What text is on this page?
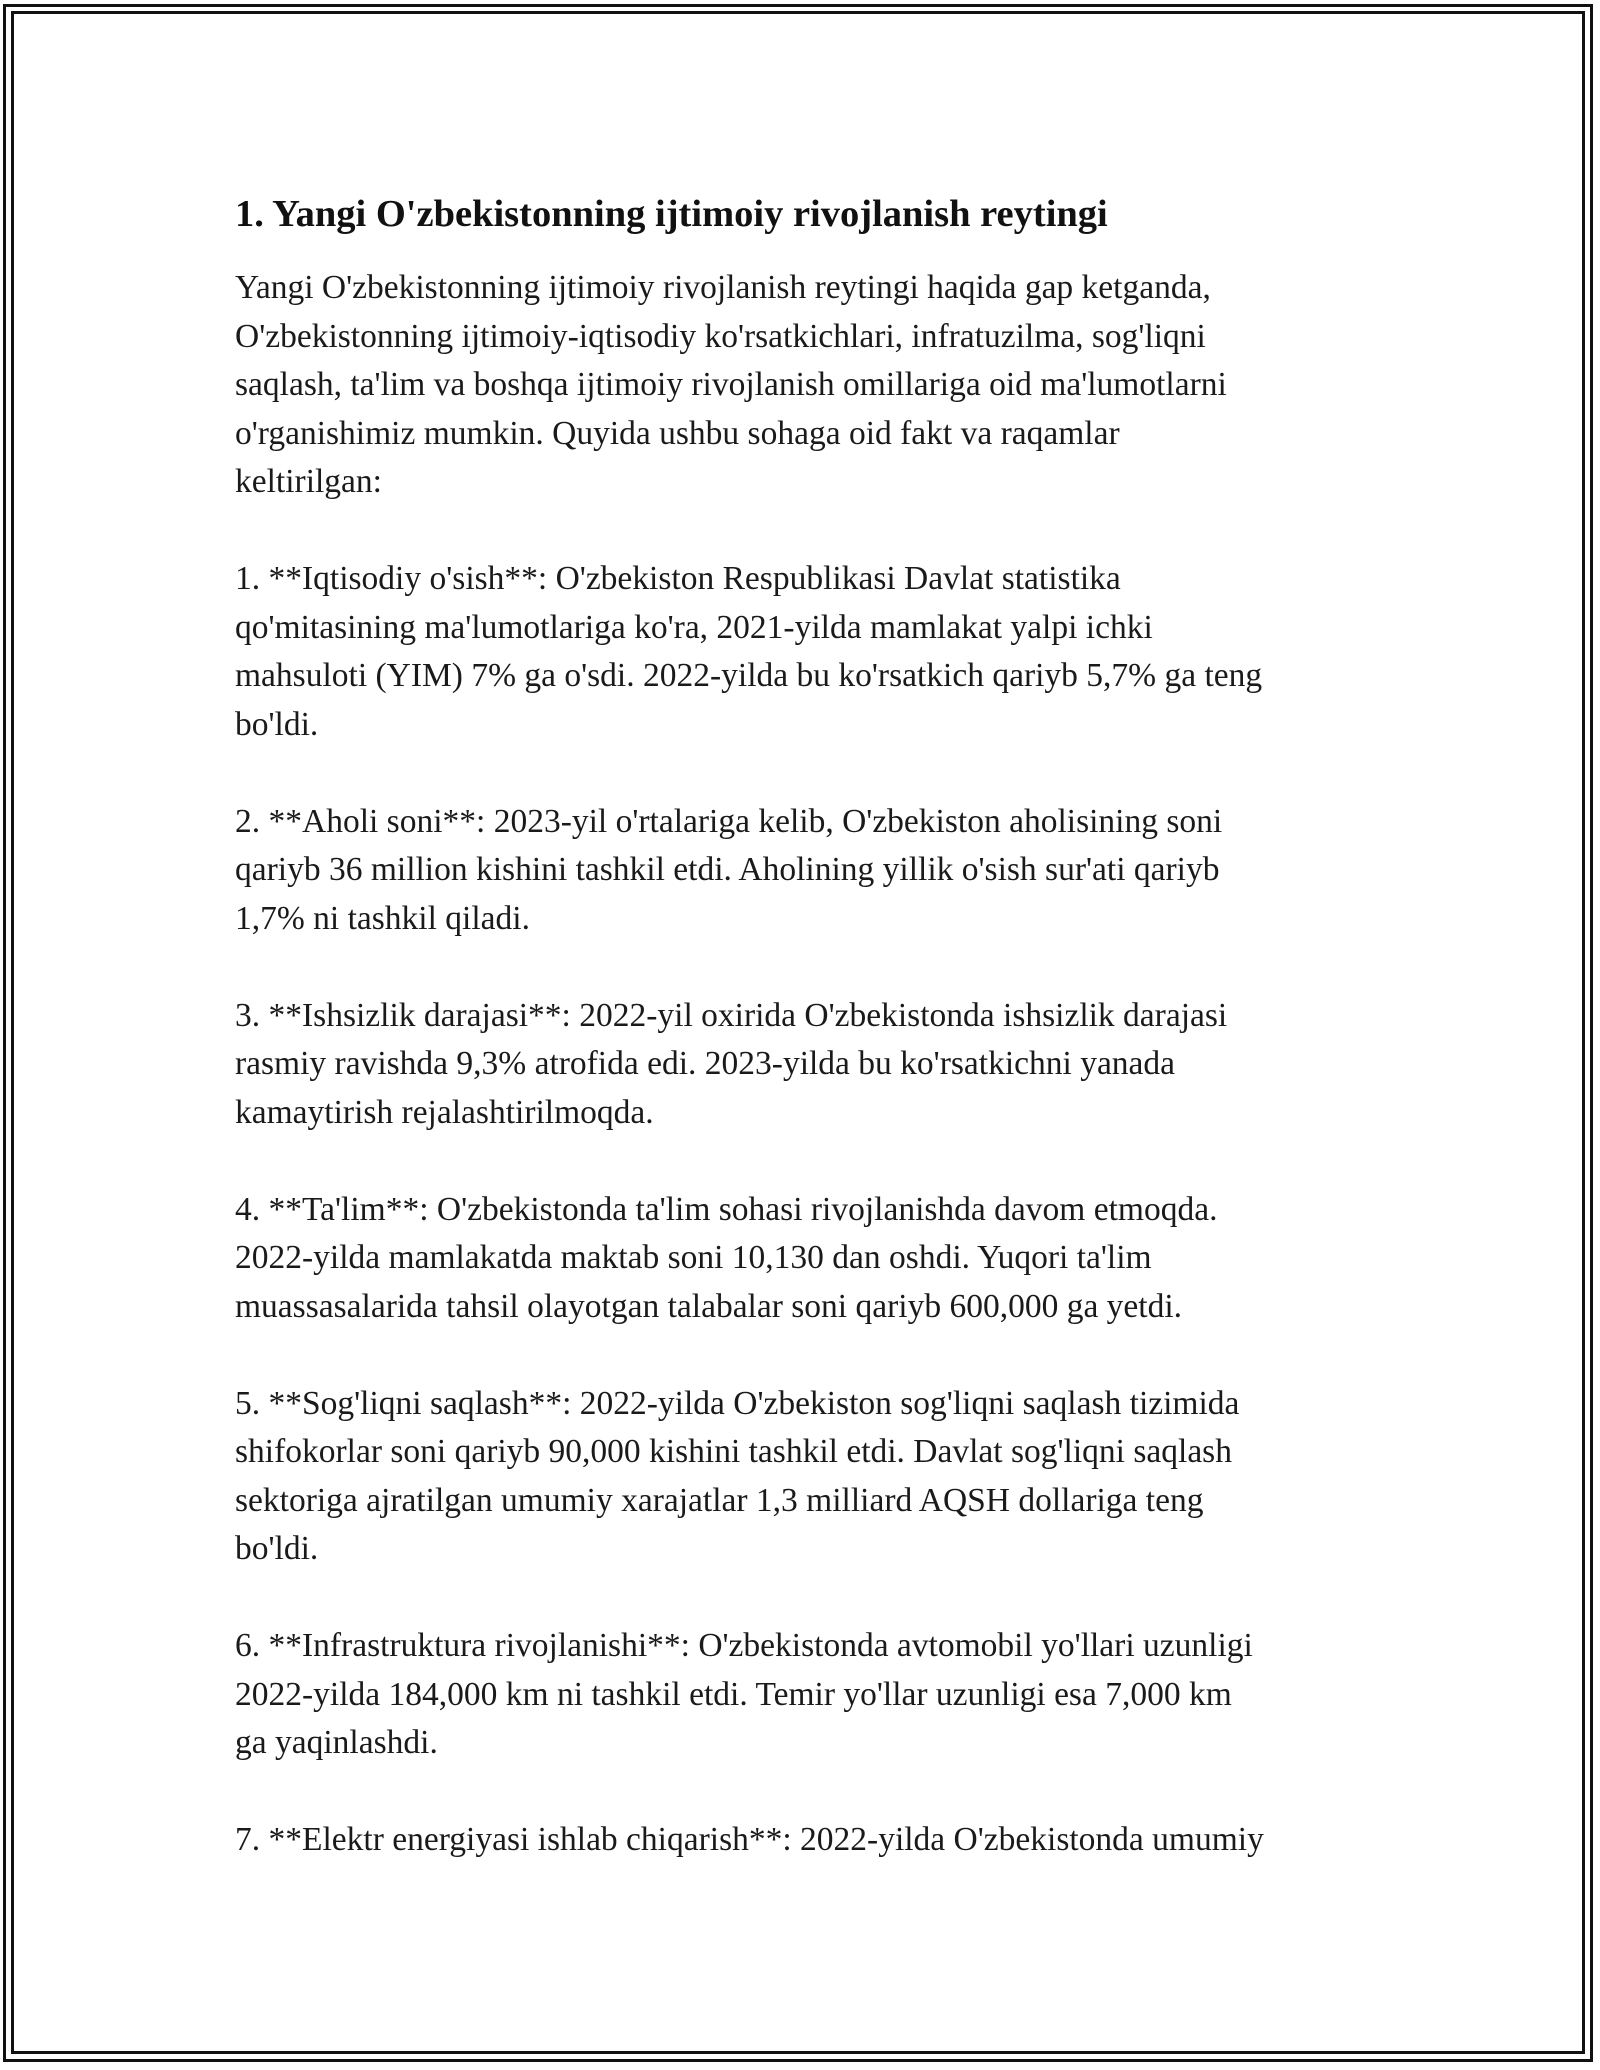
1. Yangi O'zbekistonning ijtimoiy rivojlanish reytingi

Yangi O'zbekistonning ijtimoiy rivojlanish reytingi haqida gap ketganda,
O'zbekistonning ijtimoiy-iqtisodiy ko'rsatkichlari, infratuzilma, sog'liqni
saqlash, ta'lim va boshqa ijtimoiy rivojlanish omillariga oid ma'lumotlarni
o'rganishimiz mumkin. Quyida ushbu sohaga oid fakt va raqamlar
keltirilgan:

1. **Iqtisodiy o'sish**: O'zbekiston Respublikasi Davlat statistika
qo'mitasining ma'lumotlariga ko'ra, 2021-yilda mamlakat yalpi ichki
mahsuloti (YIM) 7% ga o'sdi. 2022-yilda bu ko'rsatkich qariyb 5,7% ga teng
bo'ldi.

2. **Aholi soni**: 2023-yil o'rtalariga kelib, O'zbekiston aholisining soni
qariyb 36 million kishini tashkil etdi. Aholining yillik o'sish sur'ati qariyb
1,7% ni tashkil qiladi.

3. **Ishsizlik darajasi**: 2022-yil oxirida O'zbekistonda ishsizlik darajasi
rasmiy ravishda 9,3% atrofida edi. 2023-yilda bu ko'rsatkichni yanada
kamaytirish rejalashtirilmoqda.

4. **Ta'lim**: O'zbekistonda ta'lim sohasi rivojlanishda davom etmoqda.
2022-yilda mamlakatda maktab soni 10,130 dan oshdi. Yuqori ta'lim
muassasalarida tahsil olayotgan talabalar soni qariyb 600,000 ga yetdi.

5. **Sog'liqni saqlash**: 2022-yilda O'zbekiston sog'liqni saqlash tizimida
shifokorlar soni qariyb 90,000 kishini tashkil etdi. Davlat sog'liqni saqlash
sektoriga ajratilgan umumiy xarajatlar 1,3 milliard AQSH dollariga teng
bo'ldi.

6. **Infrastruktura rivojlanishi**: O'zbekistonda avtomobil yo'llari uzunligi
2022-yilda 184,000 km ni tashkil etdi. Temir yo'llar uzunligi esa 7,000 km
ga yaqinlashdi.

7. **Elektr energiyasi ishlab chiqarish**: 2022-yilda O'zbekistonda umumiy
